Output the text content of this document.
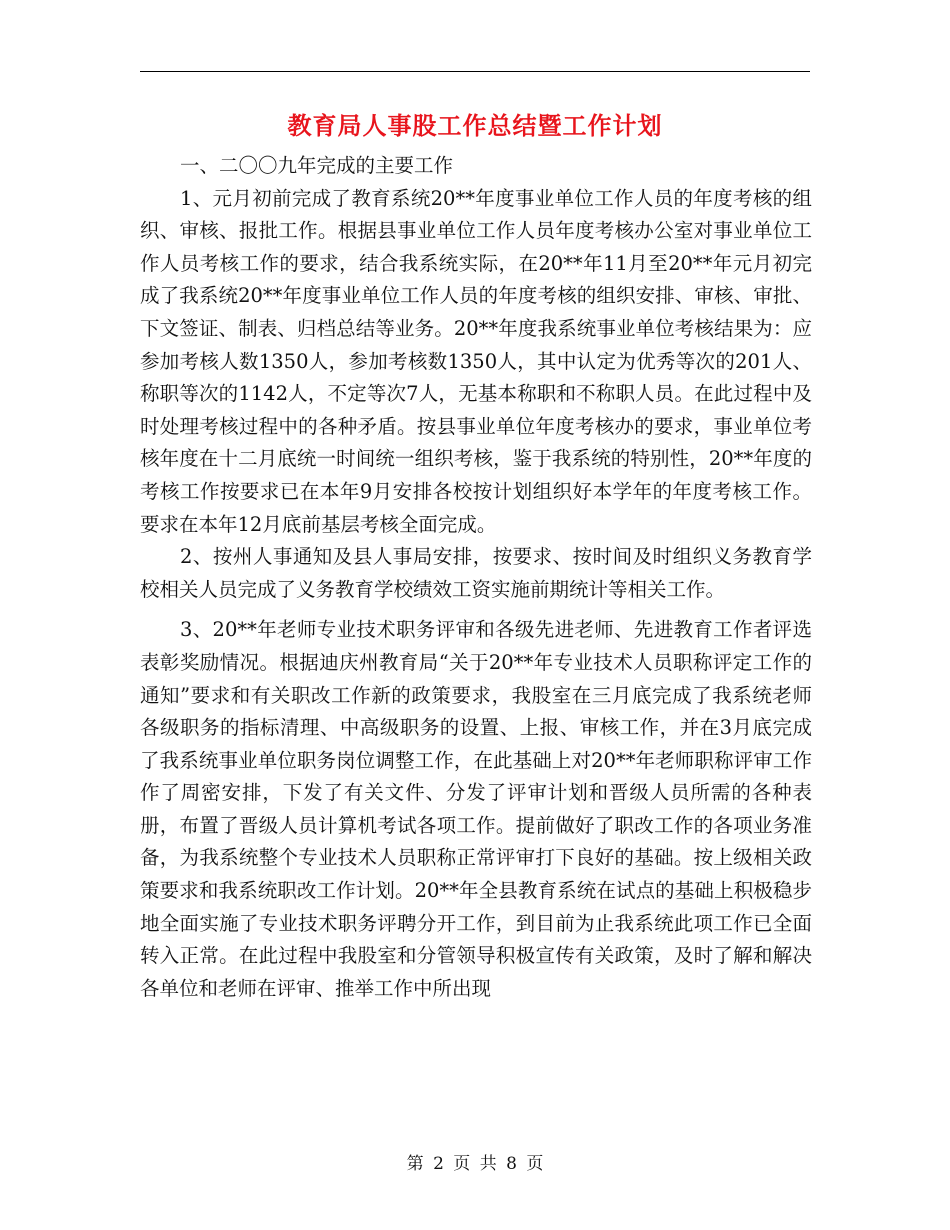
教育局人事股工作总结暨工作计划

一、二〇〇九年完成的主要工作

1、元月初前完成了教育系统20**年度事业单位工作人员的年度考核的组织、审核、报批工作。根据县事业单位工作人员年度考核办公室对事业单位工作人员考核工作的要求，结合我系统实际，在20**年11月至20**年元月初完成了我系统20**年度事业单位工作人员的年度考核的组织安排、审核、审批、下文签证、制表、归档总结等业务。20**年度我系统事业单位考核结果为：应参加考核人数1350人，参加考核数1350人，其中认定为优秀等次的201人、称职等次的1142人，不定等次7人，无基本称职和不称职人员。在此过程中及时处理考核过程中的各种矛盾。按县事业单位年度考核办的要求，事业单位考核年度在十二月底统一时间统一组织考核，鉴于我系统的特别性，20**年度的考核工作按要求已在本年9月安排各校按计划组织好本学年的年度考核工作。要求在本年12月底前基层考核全面完成。

2、按州人事通知及县人事局安排，按要求、按时间及时组织义务教育学校相关人员完成了义务教育学校绩效工资实施前期统计等相关工作。

3、20**年老师专业技术职务评审和各级先进老师、先进教育工作者评选表彰奖励情况。根据迪庆州教育局“关于20**年专业技术人员职称评定工作的通知”要求和有关职改工作新的政策要求，我股室在三月底完成了我系统老师各级职务的指标清理、中高级职务的设置、上报、审核工作，并在3月底完成了我系统事业单位职务岗位调整工作，在此基础上对20**年老师职称评审工作作了周密安排，下发了有关文件、分发了评审计划和晋级人员所需的各种表册，布置了晋级人员计算机考试各项工作。提前做好了职改工作的各项业务准备，为我系统整个专业技术人员职称正常评审打下良好的基础。按上级相关政策要求和我系统职改工作计划。20**年全县教育系统在试点的基础上积极稳步地全面实施了专业技术职务评聘分开工作，到目前为止我系统此项工作已全面转入正常。在此过程中我股室和分管领导积极宣传有关政策，及时了解和解决各单位和老师在评审、推举工作中所出现

第 2 页 共 8 页
